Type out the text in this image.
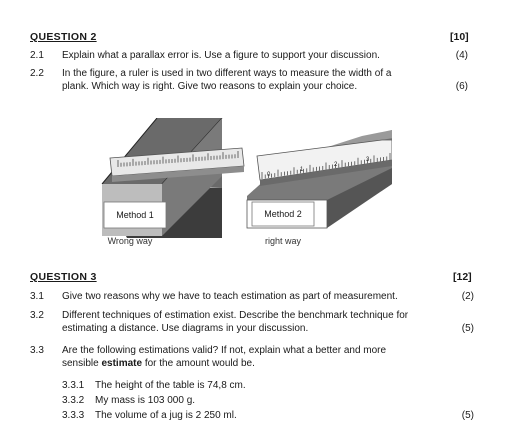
QUESTION 2	[10]
2.1 Explain what a parallax error is. Use a figure to support your discussion.	(4)
2.2 In the figure, a ruler is used in two different ways to measure the width of a
plank. Which way is right. Give two reasons to explain your choice.	(6)
Method 1
Wrong way
0
1
2
3
Method 2
right way
QUESTION 3	[12]
3.1 Give two reasons why we have to teach estimation as part of measurement.	(2)
3.2 Different techniques of estimation exist. Describe the benchmark technique for
estimating a distance. Use diagrams in your discussion.	(5)
3.3 Are the following estimations valid? If not, explain what a better and more
sensible estimate for the amount would be.
3.3.1 The height of the table is 74,8 cm.
3.3.2 My mass is 103 000 g.
3.3.3 The volume of a jug is 2 250 ml.	(5)
